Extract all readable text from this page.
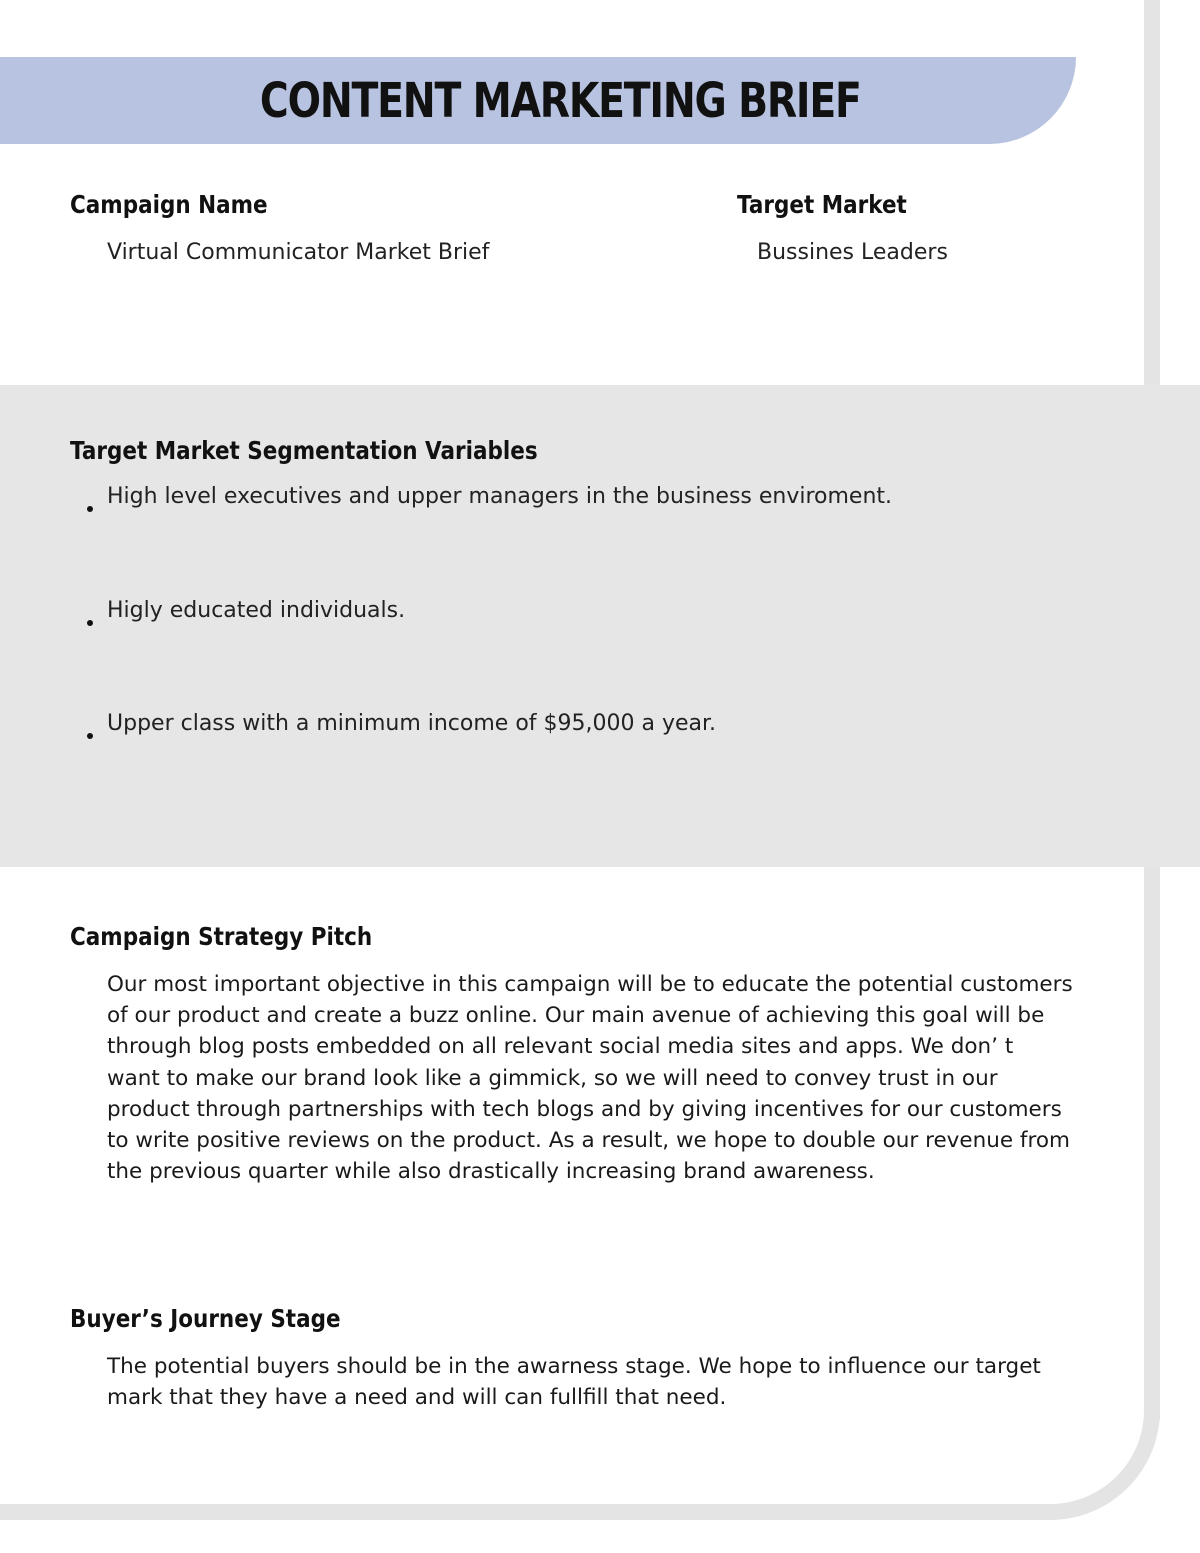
CONTENT MARKETING BRIEF
Campaign Name
Virtual Communicator Market Brief
Target Market
Bussines Leaders
Target Market Segmentation Variables
High level executives and upper managers in the business enviroment.
Higly educated individuals.
Upper class with a minimum income of $95,000 a year.
Campaign Strategy Pitch
Our most important objective in this campaign will be to educate the potential customers
of our product and create a buzz online. Our main avenue of achieving this goal will be
through blog posts embedded on all relevant social media sites and apps. We don’ t
want to make our brand look like a gimmick, so we will need to convey trust in our
product through partnerships with tech blogs and by giving incentives for our customers
to write positive reviews on the product. As a result, we hope to double our revenue from
the previous quarter while also drastically increasing brand awareness.
Buyer’s Journey Stage
The potential buyers should be in the awarness stage. We hope to influence our target
mark that they have a need and will can fullfill that need.
